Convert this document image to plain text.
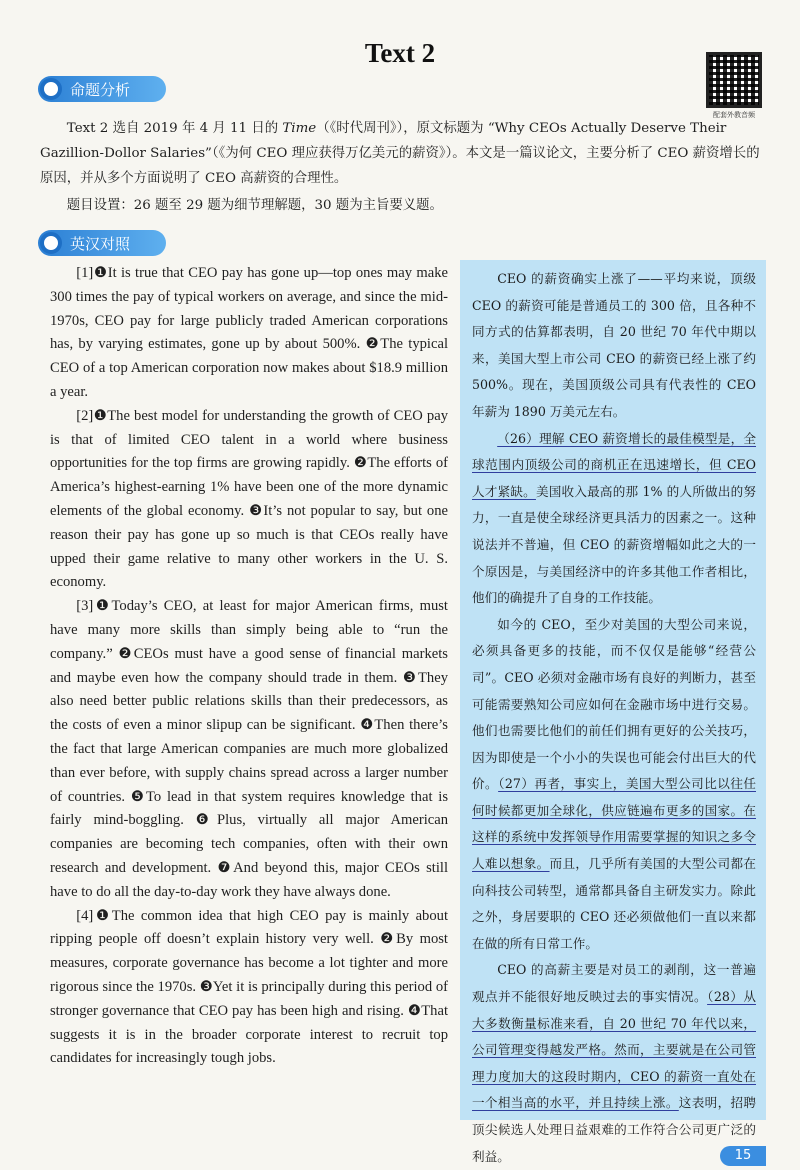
Text 2
配套外教音频
命题分析

Text 2 选自 2019 年 4 月 11 日的 Time（《时代周刊》），原文标题为 “Why CEOs Actually Deserve Their Gazillion-Dollor Salaries”（《为何 CEO 理应获得万亿美元的薪资》）。本文是一篇议论文，主要分析了 CEO 薪资增长的原因，并从多个方面说明了 CEO 高薪资的合理性。

题目设置：26 题至 29 题为细节理解题，30 题为主旨要义题。

英汉对照

[1]❶It is true that CEO pay has gone up—top ones may make 300 times the pay of typical workers on average, and since the mid-1970s, CEO pay for large publicly traded American corporations has, by varying estimates, gone up by about 500%. ❷The typical CEO of a top American corporation now makes about $18.9 million a year.

[2]❶The best model for understanding the growth of CEO pay is that of limited CEO talent in a world where business opportunities for the top firms are growing rapidly. ❷The efforts of America’s highest-earning 1% have been one of the more dynamic elements of the global economy. ❸It’s not popular to say, but one reason their pay has gone up so much is that CEOs really have upped their game relative to many other workers in the U. S. economy.

[3]❶Today’s CEO, at least for major American firms, must have many more skills than simply being able to “run the company.” ❷CEOs must have a good sense of financial markets and maybe even how the company should trade in them. ❸They also need better public relations skills than their predecessors, as the costs of even a minor slipup can be significant. ❹Then there’s the fact that large American companies are much more globalized than ever before, with supply chains spread across a larger number of countries. ❺To lead in that system requires knowledge that is fairly mind-boggling. ❻Plus, virtually all major American companies are becoming tech companies, often with their own research and development. ❼And beyond this, major CEOs still have to do all the day-to-day work they have always done.

[4]❶The common idea that high CEO pay is mainly about ripping people off doesn’t explain history very well. ❷By most measures, corporate governance has become a lot tighter and more rigorous since the 1970s. ❸Yet it is principally during this period of stronger governance that CEO pay has been high and rising. ❹That suggests it is in the broader corporate interest to recruit top candidates for increasingly tough jobs.

CEO 的薪资确实上涨了——平均来说，顶级 CEO 的薪资可能是普通员工的 300 倍，且各种不同方式的估算都表明，自 20 世纪 70 年代中期以来，美国大型上市公司 CEO 的薪资已经上涨了约 500%。现在，美国顶级公司具有代表性的 CEO 年薪为 1890 万美元左右。

（26）理解 CEO 薪资增长的最佳模型是，全球范围内顶级公司的商机正在迅速增长，但 CEO 人才紧缺。美国收入最高的那 1% 的人所做出的努力，一直是使全球经济更具活力的因素之一。这种说法并不普遍，但 CEO 的薪资增幅如此之大的一个原因是，与美国经济中的许多其他工作者相比，他们的确提升了自身的工作技能。

如今的 CEO，至少对美国的大型公司来说，必须具备更多的技能，而不仅仅是能够“经营公司”。CEO 必须对金融市场有良好的判断力，甚至可能需要熟知公司应如何在金融市场中进行交易。他们也需要比他们的前任们拥有更好的公关技巧，因为即使是一个小小的失误也可能会付出巨大的代价。（27）再者，事实上，美国大型公司比以往任何时候都更加全球化，供应链遍布更多的国家。在这样的系统中发挥领导作用需要掌握的知识之多令人难以想象。而且，几乎所有美国的大型公司都在向科技公司转型，通常都具备自主研发实力。除此之外，身居要职的 CEO 还必须做他们一直以来都在做的所有日常工作。

CEO 的高薪主要是对员工的剥削，这一普遍观点并不能很好地反映过去的事实情况。（28）从大多数衡量标准来看，自 20 世纪 70 年代以来，公司管理变得越发严格。然而，主要就是在公司管理力度加大的这段时期内，CEO 的薪资一直处在一个相当高的水平，并且持续上涨。这表明，招聘顶尖候选人处理日益艰难的工作符合公司更广泛的利益。	15
